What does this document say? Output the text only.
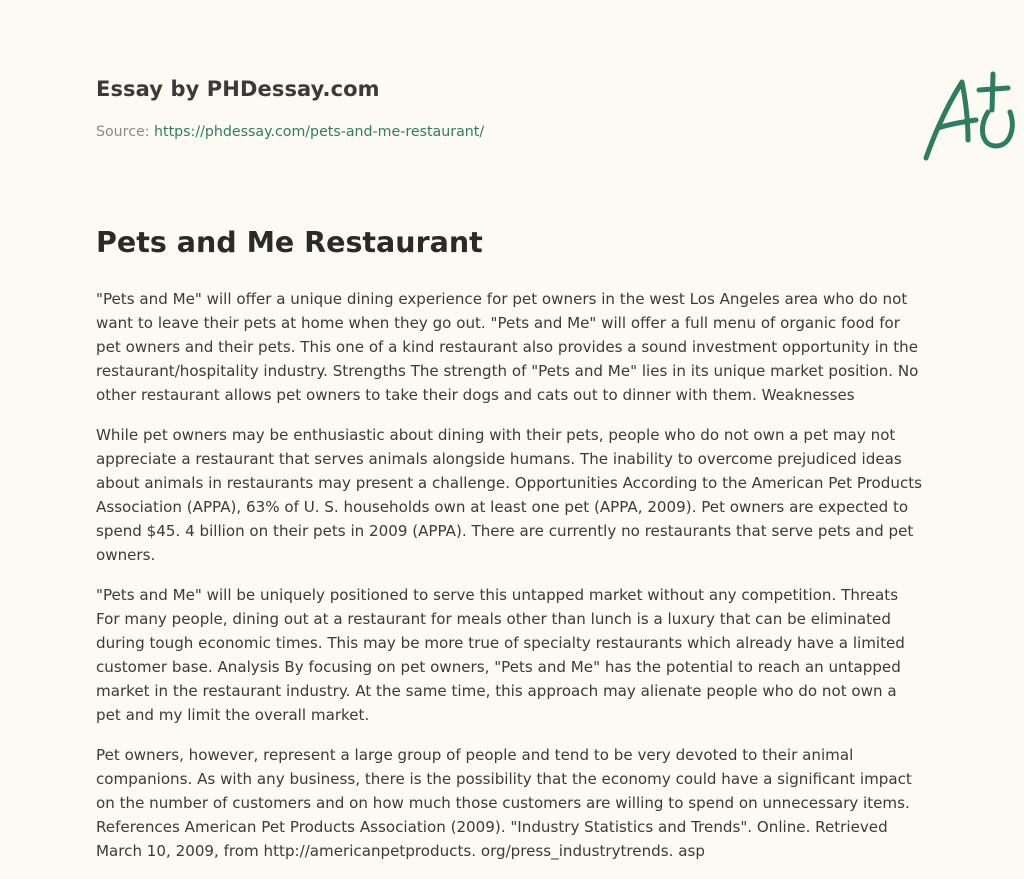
Essay by PHDessay.com
Source: https://phdessay.com/pets-and-me-restaurant/
Pets and Me Restaurant

"Pets and Me" will offer a unique dining experience for pet owners in the west Los Angeles area who do not want to leave their pets at home when they go out. "Pets and Me" will offer a full menu of organic food for pet owners and their pets. This one of a kind restaurant also provides a sound investment opportunity in the restaurant/hospitality industry. Strengths The strength of "Pets and Me" lies in its unique market position. No other restaurant allows pet owners to take their dogs and cats out to dinner with them. Weaknesses

While pet owners may be enthusiastic about dining with their pets, people who do not own a pet may not appreciate a restaurant that serves animals alongside humans. The inability to overcome prejudiced ideas about animals in restaurants may present a challenge. Opportunities According to the American Pet Products Association (APPA), 63% of U. S. households own at least one pet (APPA, 2009). Pet owners are expected to spend $45. 4 billion on their pets in 2009 (APPA). There are currently no restaurants that serve pets and pet owners.

"Pets and Me" will be uniquely positioned to serve this untapped market without any competition. Threats For many people, dining out at a restaurant for meals other than lunch is a luxury that can be eliminated during tough economic times. This may be more true of specialty restaurants which already have a limited customer base. Analysis By focusing on pet owners, "Pets and Me" has the potential to reach an untapped market in the restaurant industry. At the same time, this approach may alienate people who do not own a pet and my limit the overall market.

Pet owners, however, represent a large group of people and tend to be very devoted to their animal companions. As with any business, there is the possibility that the economy could have a significant impact on the number of customers and on how much those customers are willing to spend on unnecessary items. References American Pet Products Association (2009). "Industry Statistics and Trends". Online. Retrieved March 10, 2009, from http://americanpetproducts. org/press_industrytrends. asp
